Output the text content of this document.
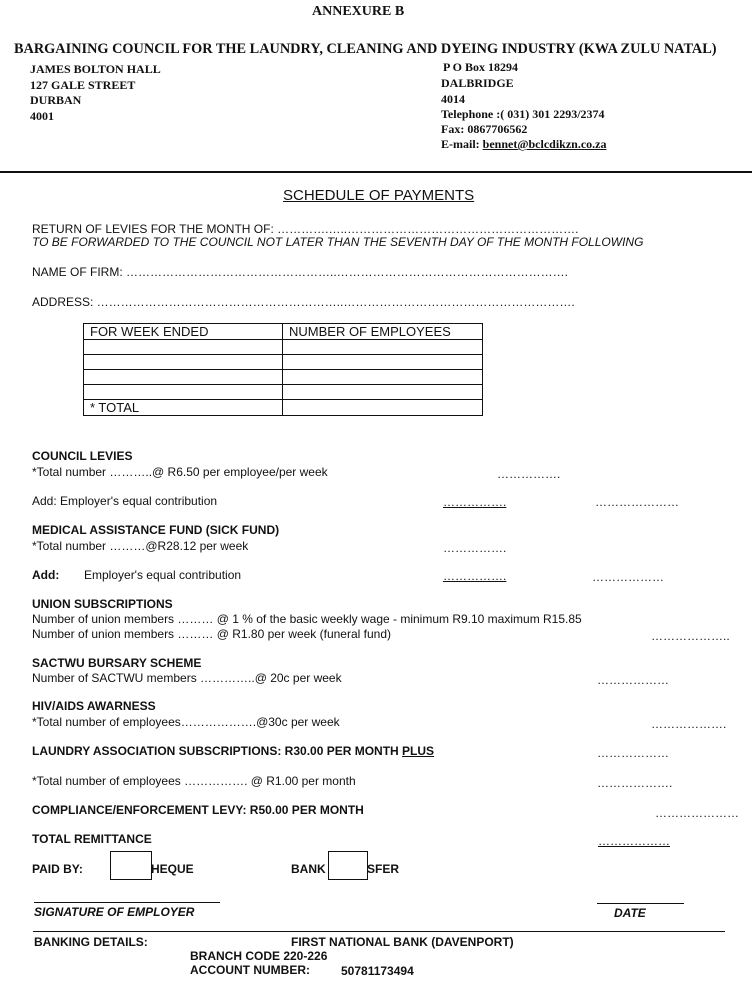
ANNEXURE B
BARGAINING COUNCIL FOR THE LAUNDRY, CLEANING AND DYEING INDUSTRY (KWA ZULU NATAL)
JAMES BOLTON HALL
127 GALE STREET
DURBAN
4001
P O Box 18294
DALBRIDGE
4014
Telephone :( 031) 301 2293/2374
Fax: 0867706562
E-mail: bennet@bclcdikzn.co.za
SCHEDULE OF PAYMENTS
RETURN OF LEVIES FOR THE MONTH OF: ………….…..………………………………………………….
TO BE FORWARDED TO THE COUNCIL NOT LATER THAN THE SEVENTH DAY OF THE MONTH FOLLOWING
NAME OF FIRM: ……………………………………………..………………………………………………….
ADDRESS: ……………………………………………………..………………………………………………….
FOR WEEK ENDED	NUMBER OF EMPLOYEES

* TOTAL	
COUNCIL LEVIES
*Total number ………..@ R6.50 per employee/per week	…………….
Add: Employer's equal contribution	…………….	…………………
MEDICAL ASSISTANCE FUND (SICK FUND)
*Total number ………@R28.12 per week	…………….
Add: Employer's equal contribution	…………….	………………
UNION SUBSCRIPTIONS
Number of union members ……… @ 1 % of the basic weekly wage - minimum R9.10 maximum R15.85
Number of union members ……… @ R1.80 per week (funeral fund)	………………..
SACTWU BURSARY SCHEME
Number of SACTWU members …………..@ 20c per week	………………
HIV/AIDS AWARNESS
*Total number of employees……………….@30c per week	……………….
LAUNDRY ASSOCIATION SUBSCRIPTIONS: R30.00 PER MONTH PLUS	………………
*Total number of employees ……………. @ R1.00 per month	……………….
COMPLIANCE/ENFORCEMENT LEVY: R50.00 PER MONTH	…………………
TOTAL REMITTANCE	………………
PAID BY:	HEQUE	BANK	SFER
SIGNATURE OF EMPLOYER	DATE
BANKING DETAILS:	FIRST NATIONAL BANK (DAVENPORT)
BRANCH CODE 220-226
ACCOUNT NUMBER:	50781173494
